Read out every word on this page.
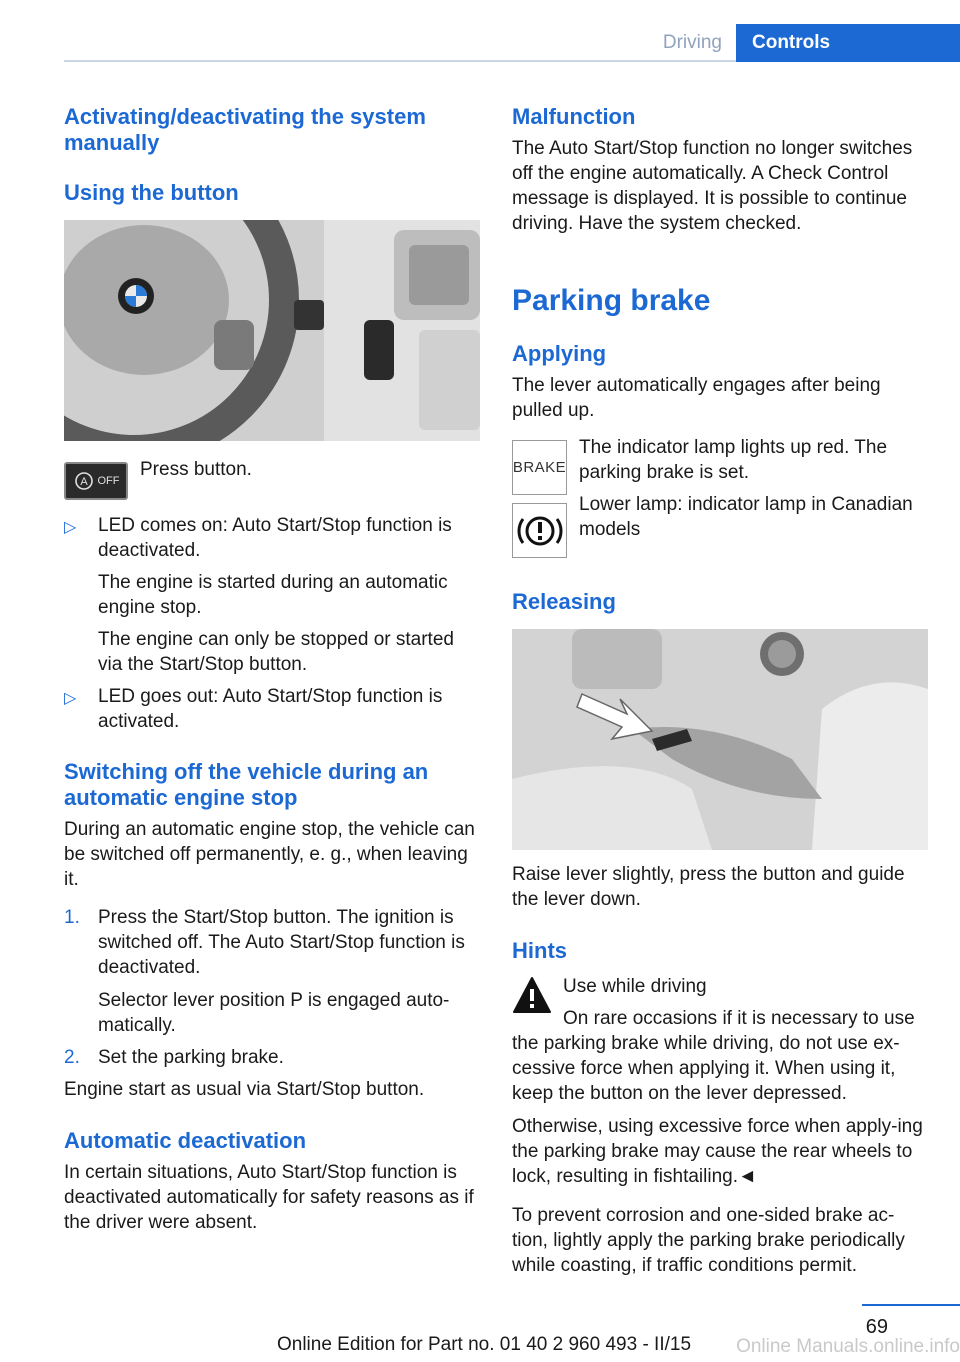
Driving	Controls
Activating/deactivating the system manually
Using the button
A OFF

Press button.

▷	LED comes on: Auto Start/Stop function is deactivated.

The engine is started during an automatic engine stop.

The engine can only be stopped or started via the Start/Stop button.

▷	LED goes out: Auto Start/Stop function is activated.

Switching off the vehicle during an automatic engine stop

During an automatic engine stop, the vehicle can be switched off permanently, e. g., when leaving it.

1. Press the Start/Stop button. The ignition is switched off. The Auto Start/Stop function is deactivated.

Selector lever position P is engaged auto‐matically.

2. Set the parking brake.

Engine start as usual via Start/Stop button.

Automatic deactivation

In certain situations, Auto Start/Stop function is deactivated automatically for safety reasons as if the driver were absent.

Malfunction

The Auto Start/Stop function no longer switches off the engine automatically. A Check Control message is displayed. It is possible to continue driving. Have the system checked.

Parking brake
Applying

The lever automatically engages after being pulled up.

BRAKE

The indicator lamp lights up red. The parking brake is set.

Lower lamp: indicator lamp in Canadian models

Releasing

Raise lever slightly, press the button and guide the lever down.

Hints

Use while driving

On rare occasions if it is necessary to use the parking brake while driving, do not use ex‐cessive force when applying it. When using it, keep the button on the lever depressed.

Otherwise, using excessive force when apply‐ing the parking brake may cause the rear wheels to lock, resulting in fishtailing.◄

To prevent corrosion and one-sided brake ac‐tion, lightly apply the parking brake periodically while coasting, if traffic conditions permit.

69
Online Edition for Part no. 01 40 2 960 493 - II/15	Online Manuals.online.info
